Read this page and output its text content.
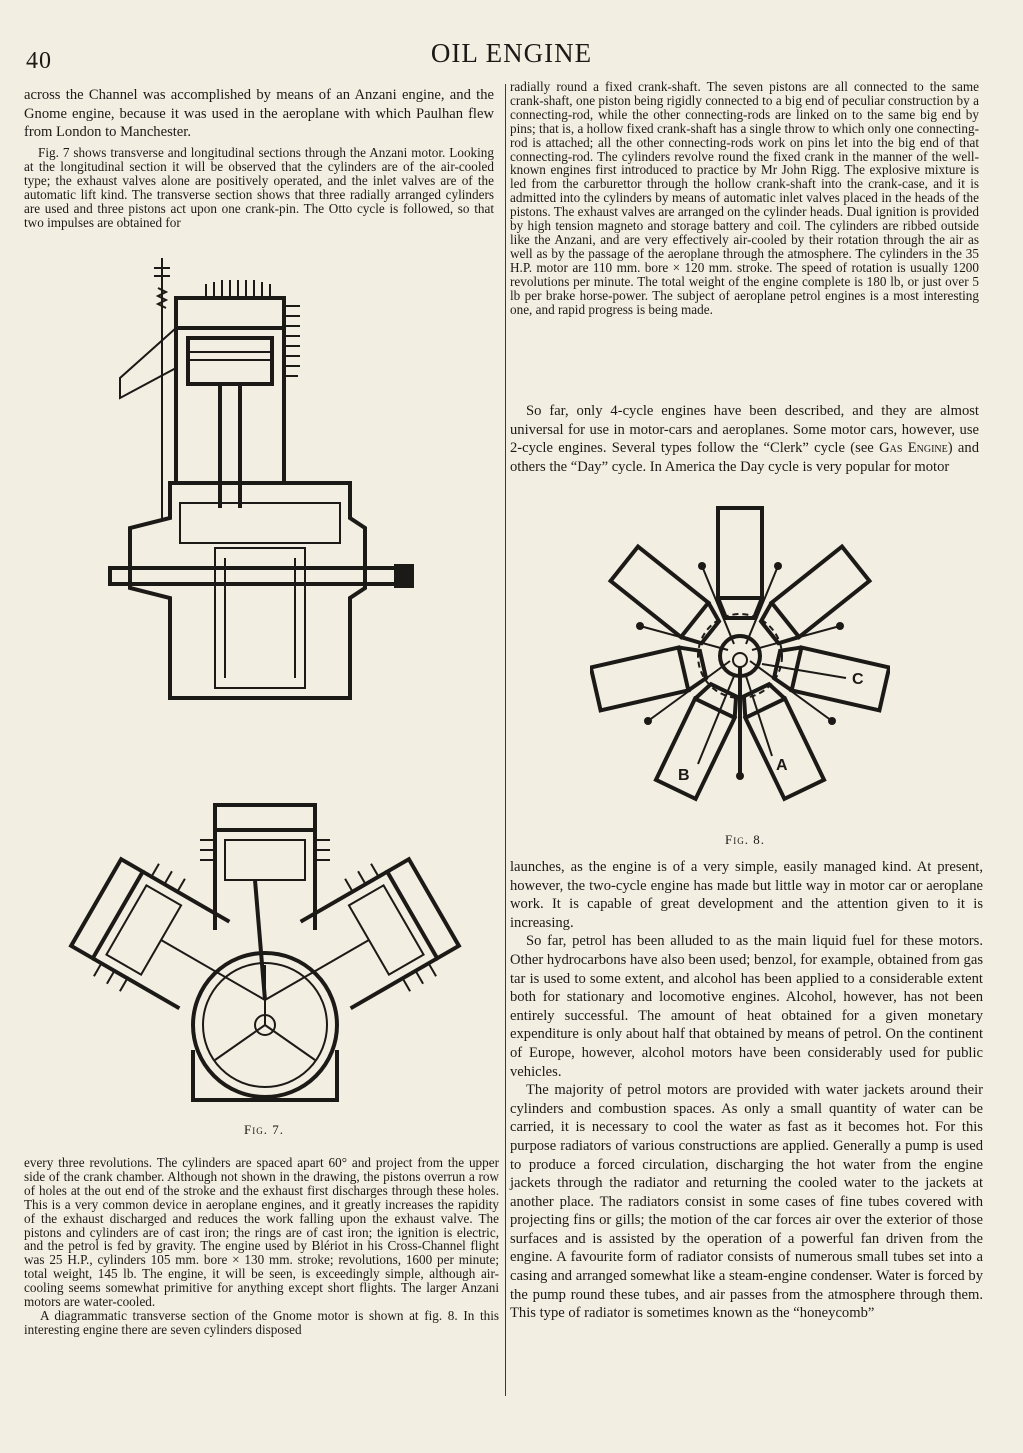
40	OIL ENGINE

across the Channel was accomplished by means of an Anzani engine, and the Gnome engine, because it was used in the aeroplane with which Paulhan flew from London to Manchester.

Fig. 7 shows transverse and longitudinal sections through the Anzani motor. Looking at the longitudinal section it will be observed that the cylinders are of the air-cooled type; the exhaust valves alone are positively operated, and the inlet valves are of the automatic lift kind. The transverse section shows that three radially arranged cylinders are used and three pistons act upon one crank-pin. The Otto cycle is followed, so that two impulses are obtained for

Fig. 7.

every three revolutions. The cylinders are spaced apart 60° and project from the upper side of the crank chamber. Although not shown in the drawing, the pistons overrun a row of holes at the out end of the stroke and the exhaust first discharges through these holes. This is a very common device in aeroplane engines, and it greatly increases the rapidity of the exhaust discharged and reduces the work falling upon the exhaust valve. The pistons and cylinders are of cast iron; the rings are of cast iron; the ignition is electric, and the petrol is fed by gravity. The engine used by Blériot in his Cross-Channel flight was 25 H.P., cylinders 105 mm. bore × 130 mm. stroke; revolutions, 1600 per minute; total weight, 145 lb. The engine, it will be seen, is exceedingly simple, although air-cooling seems somewhat primitive for anything except short flights. The larger Anzani motors are water-cooled.

A diagrammatic transverse section of the Gnome motor is shown at fig. 8. In this interesting engine there are seven cylinders disposed

radially round a fixed crank-shaft. The seven pistons are all connected to the same crank-shaft, one piston being rigidly connected to a big end of peculiar construction by a connecting-rod, while the other connecting-rods are linked on to the same big end by pins; that is, a hollow fixed crank-shaft has a single throw to which only one connecting-rod is attached; all the other connecting-rods work on pins let into the big end of that connecting-rod. The cylinders revolve round the fixed crank in the manner of the well-known engines first introduced to practice by Mr John Rigg. The explosive mixture is led from the carburettor through the hollow crank-shaft into the crank-case, and it is admitted into the cylinders by means of automatic inlet valves placed in the heads of the pistons. The exhaust valves are arranged on the cylinder heads. Dual ignition is provided by high tension magneto and storage battery and coil. The cylinders are ribbed outside like the Anzani, and are very effectively air-cooled by their rotation through the air as well as by the passage of the aeroplane through the atmosphere. The cylinders in the 35 H.P. motor are 110 mm. bore × 120 mm. stroke. The speed of rotation is usually 1200 revolutions per minute. The total weight of the engine complete is 180 lb, or just over 5 lb per brake horse-power. The subject of aeroplane petrol engines is a most interesting one, and rapid progress is being made.

So far, only 4-cycle engines have been described, and they are almost universal for use in motor-cars and aeroplanes. Some motor cars, however, use 2-cycle engines. Several types follow the “Clerk” cycle (see Gas Engine) and others the “Day” cycle. In America the Day cycle is very popular for motor

C
A
B
Fig. 8.

launches, as the engine is of a very simple, easily managed kind. At present, however, the two-cycle engine has made but little way in motor car or aeroplane work. It is capable of great development and the attention given to it is increasing.

So far, petrol has been alluded to as the main liquid fuel for these motors. Other hydrocarbons have also been used; benzol, for example, obtained from gas tar is used to some extent, and alcohol has been applied to a considerable extent both for stationary and locomotive engines. Alcohol, however, has not been entirely successful. The amount of heat obtained for a given monetary expenditure is only about half that obtained by means of petrol. On the continent of Europe, however, alcohol motors have been considerably used for public vehicles.

The majority of petrol motors are provided with water jackets around their cylinders and combustion spaces. As only a small quantity of water can be carried, it is necessary to cool the water as fast as it becomes hot. For this purpose radiators of various constructions are applied. Generally a pump is used to produce a forced circulation, discharging the hot water from the engine jackets through the radiator and returning the cooled water to the jackets at another place. The radiators consist in some cases of fine tubes covered with projecting fins or gills; the motion of the car forces air over the exterior of those surfaces and is assisted by the operation of a powerful fan driven from the engine. A favourite form of radiator consists of numerous small tubes set into a casing and arranged somewhat like a steam-engine condenser. Water is forced by the pump round these tubes, and air passes from the atmosphere through them. This type of radiator is sometimes known as the “honeycomb”
